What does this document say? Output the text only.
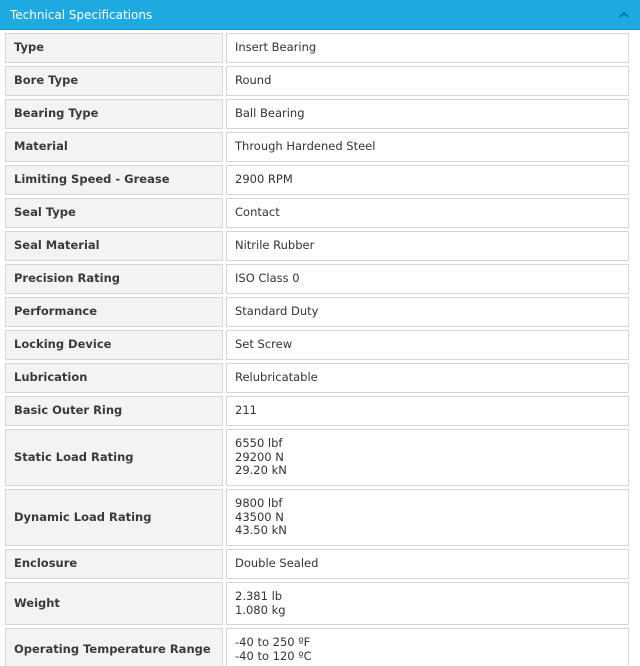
Technical Specifications
Type	Insert Bearing

Bore Type	Round

Bearing Type	Ball Bearing

Material	Through Hardened Steel

Limiting Speed - Grease	2900 RPM

Seal Type	Contact

Seal Material	Nitrile Rubber

Precision Rating	ISO Class 0

Performance	Standard Duty

Locking Device	Set Screw

Lubrication	Relubricatable

Basic Outer Ring	211

Static Load Rating	6550 lbf
29200 N
29.20 kN

Dynamic Load Rating	9800 lbf
43500 N
43.50 kN

Enclosure	Double Sealed

Weight	2.381 lb
1.080 kg

Operating Temperature Range	-40 to 250 ºF
-40 to 120 ºC
